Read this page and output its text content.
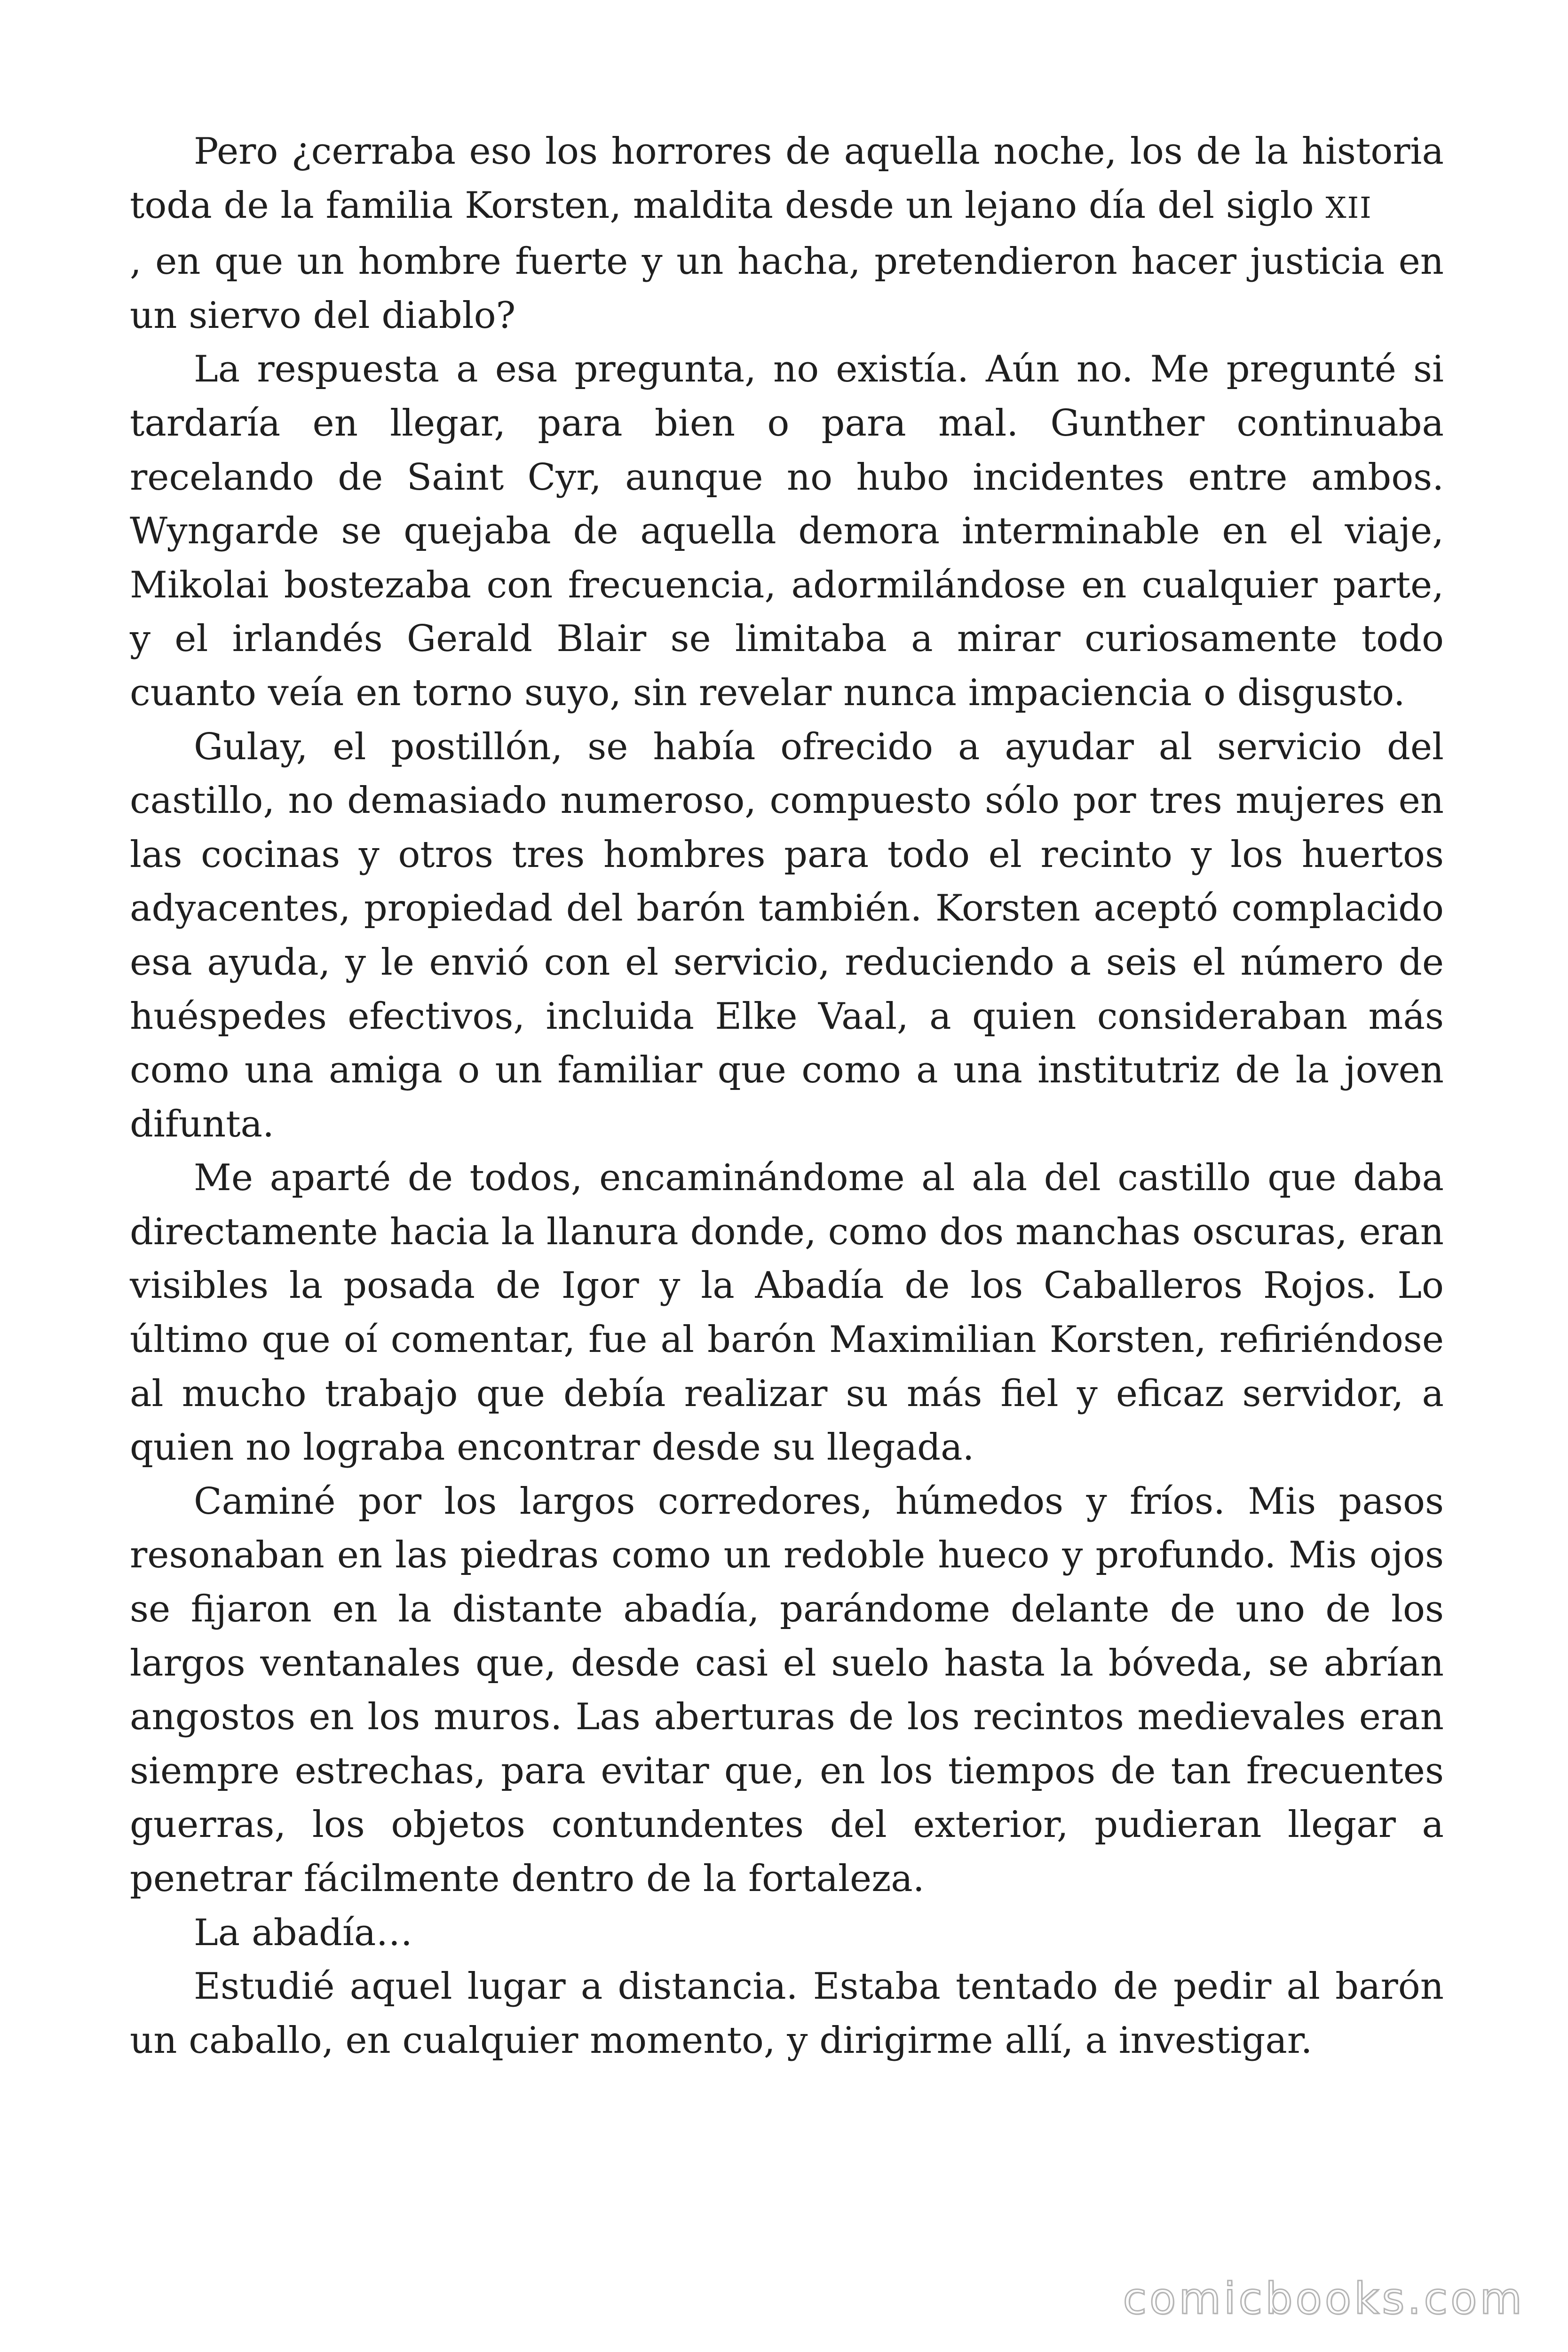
Pero ¿cerraba eso los horrores de aquella noche, los de la historia toda de la familia Korsten, maldita desde un lejano día del siglo XII

, en que un hombre fuerte y un hacha, pretendieron hacer justicia en un siervo del diablo?

La respuesta a esa pregunta, no existía. Aún no. Me pregunté si tardaría en llegar, para bien o para mal. Gunther continuaba recelando de Saint Cyr, aunque no hubo incidentes entre ambos. Wyngarde se quejaba de aquella demora interminable en el viaje, Mikolai bostezaba con frecuencia, adormilándose en cualquier parte, y el irlandés Gerald Blair se limitaba a mirar curiosamente todo cuanto veía en torno suyo, sin revelar nunca impaciencia o disgusto.

Gulay, el postillón, se había ofrecido a ayudar al servicio del castillo, no demasiado numeroso, compuesto sólo por tres mujeres en las cocinas y otros tres hombres para todo el recinto y los huertos adyacentes, propiedad del barón también. Korsten aceptó complacido esa ayuda, y le envió con el servicio, reduciendo a seis el número de huéspedes efectivos, incluida Elke Vaal, a quien consideraban más como una amiga o un familiar que como a una institutriz de la joven difunta.

Me aparté de todos, encaminándome al ala del castillo que daba directamente hacia la llanura donde, como dos manchas oscuras, eran visibles la posada de Igor y la Abadía de los Caballeros Rojos. Lo último que oí comentar, fue al barón Maximilian Korsten, refiriéndose al mucho trabajo que debía realizar su más fiel y eficaz servidor, a quien no lograba encontrar desde su llegada.

Caminé por los largos corredores, húmedos y fríos. Mis pasos resonaban en las piedras como un redoble hueco y profundo. Mis ojos se fijaron en la distante abadía, parándome delante de uno de los largos ventanales que, desde casi el suelo hasta la bóveda, se abrían angostos en los muros. Las aberturas de los recintos medievales eran siempre estrechas, para evitar que, en los tiempos de tan frecuentes guerras, los objetos contundentes del exterior, pudieran llegar a penetrar fácilmente dentro de la fortaleza.

La abadía…

Estudié aquel lugar a distancia. Estaba tentado de pedir al barón un caballo, en cualquier momento, y dirigirme allí, a investigar.

comicbooks.com
